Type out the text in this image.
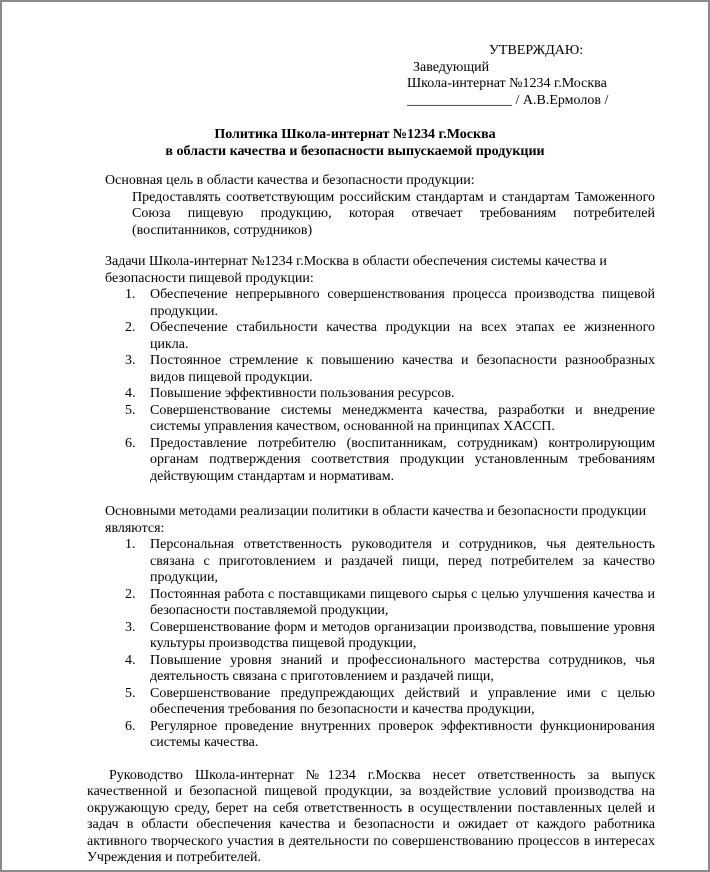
УТВЕРЖДАЮ:
Заведующий
Школа-интернат №1234 г.Москва
_______________ / А.В.Ермолов /
Политика Школа-интернат №1234 г.Москва
в области качества и безопасности выпускаемой продукции
Основная цель в области качества и безопасности продукции:
Предоставлять соответствующим российским стандартам и стандартам Таможенного Союза пищевую продукцию, которая отвечает требованиям потребителей (воспитанников, сотрудников)
Задачи Школа-интернат №1234 г.Москва в области обеспечения системы качества и безопасности пищевой продукции:
Обеспечение непрерывного совершенствования процесса производства пищевой продукции.
Обеспечение стабильности качества продукции на всех этапах ее жизненного цикла.
Постоянное стремление к повышению качества и безопасности разнообразных видов пищевой продукции.
Повышение эффективности пользования ресурсов.
Совершенствование системы менеджмента качества, разработки и внедрение системы управления качеством, основанной на принципах ХАССП.
Предоставление потребителю (воспитанникам, сотрудникам) контролирующим органам подтверждения соответствия продукции установленным требованиям действующим стандартам и нормативам.
Основными методами реализации политики в области качества и безопасности продукции являются:
Персональная ответственность руководителя и сотрудников, чья деятельность связана с приготовлением и раздачей пищи, перед потребителем за качество продукции,
Постоянная работа с поставщиками пищевого сырья с целью улучшения качества и безопасности поставляемой продукции,
Совершенствование форм и методов организации производства, повышение уровня культуры производства пищевой продукции,
Повышение уровня знаний и профессионального мастерства сотрудников, чья деятельность связана с приготовлением и раздачей пищи,
Совершенствование предупреждающих действий и управление ими с целью обеспечения требования по безопасности и качества продукции,
Регулярное проведение внутренних проверок эффективности функционирования системы качества.
Руководство Школа-интернат №1234 г.Москва несет ответственность за выпуск качественной и безопасной пищевой продукции, за воздействие условий производства на окружающую среду, берет на себя ответственность в осуществлении поставленных целей и задач в области обеспечения качества и безопасности и ожидает от каждого работника активного творческого участия в деятельности по совершенствованию процессов в интересах Учреждения и потребителей.
